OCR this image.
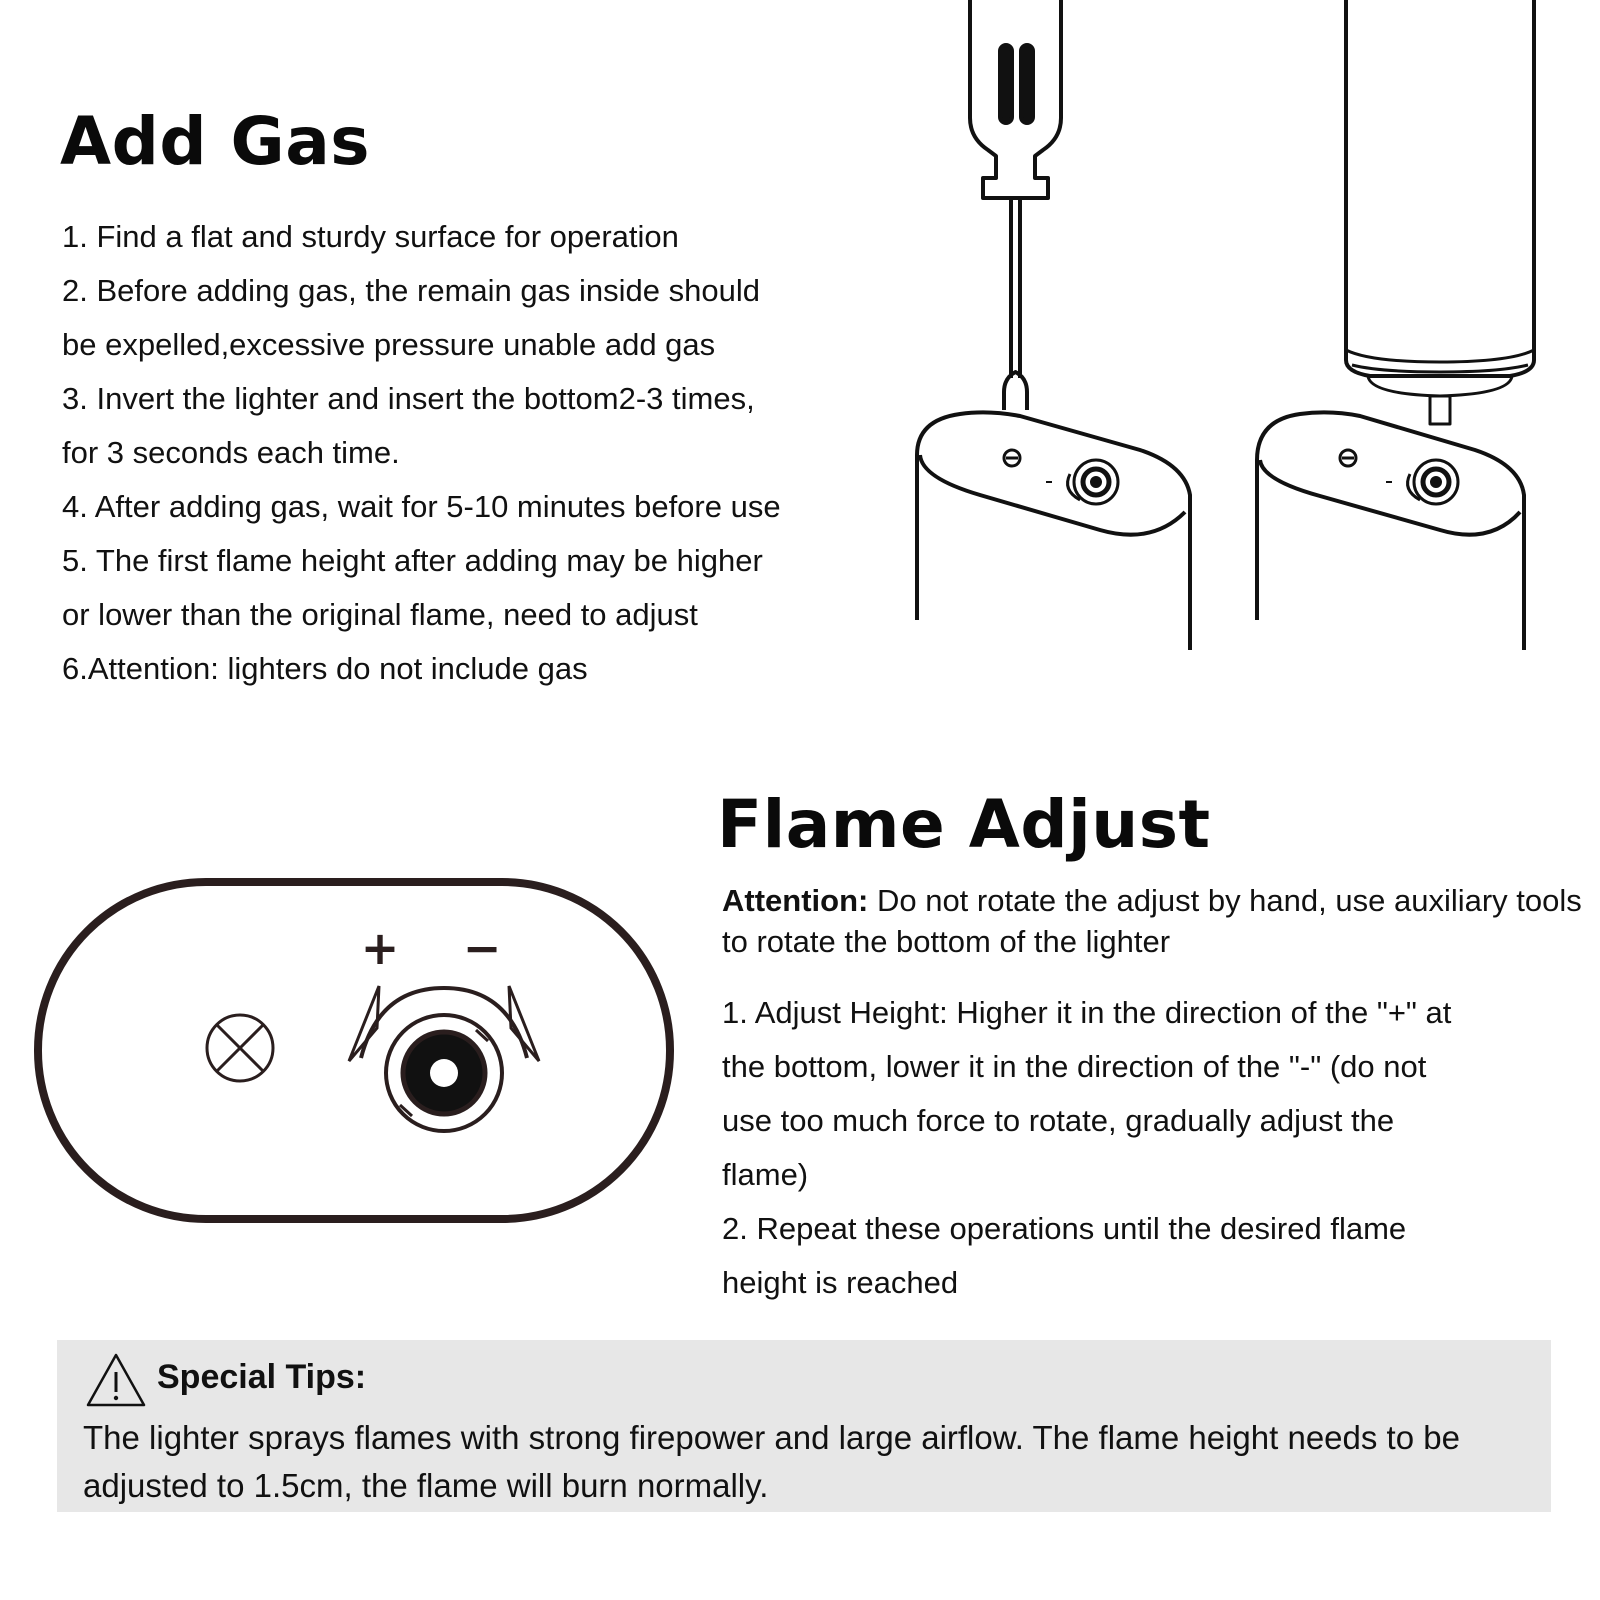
Add Gas

1. Find a flat and sturdy surface for operation

2. Before adding gas, the remain gas inside should

be expelled,excessive pressure unable add gas

3. Invert the lighter and insert the bottom2-3 times,

for 3 seconds each time.

4. After adding gas, wait for 5-10 minutes before use

5. The first flame height after adding may be higher

or lower than the original flame, need to adjust

6.Attention: lighters do not include gas

+ −
Flame Adjust

Attention: Do not rotate the adjust by hand, use auxiliary tools to rotate the bottom of the lighter

1. Adjust Height: Higher it in the direction of the "+" at

the bottom, lower it in the direction of the "-" (do not

use too much force to rotate, gradually adjust the

flame)

2. Repeat these operations until the desired flame

height is reached

Special Tips:

The lighter sprays flames with strong firepower and large airflow. The flame height needs to be adjusted to 1.5cm, the flame will burn normally.
